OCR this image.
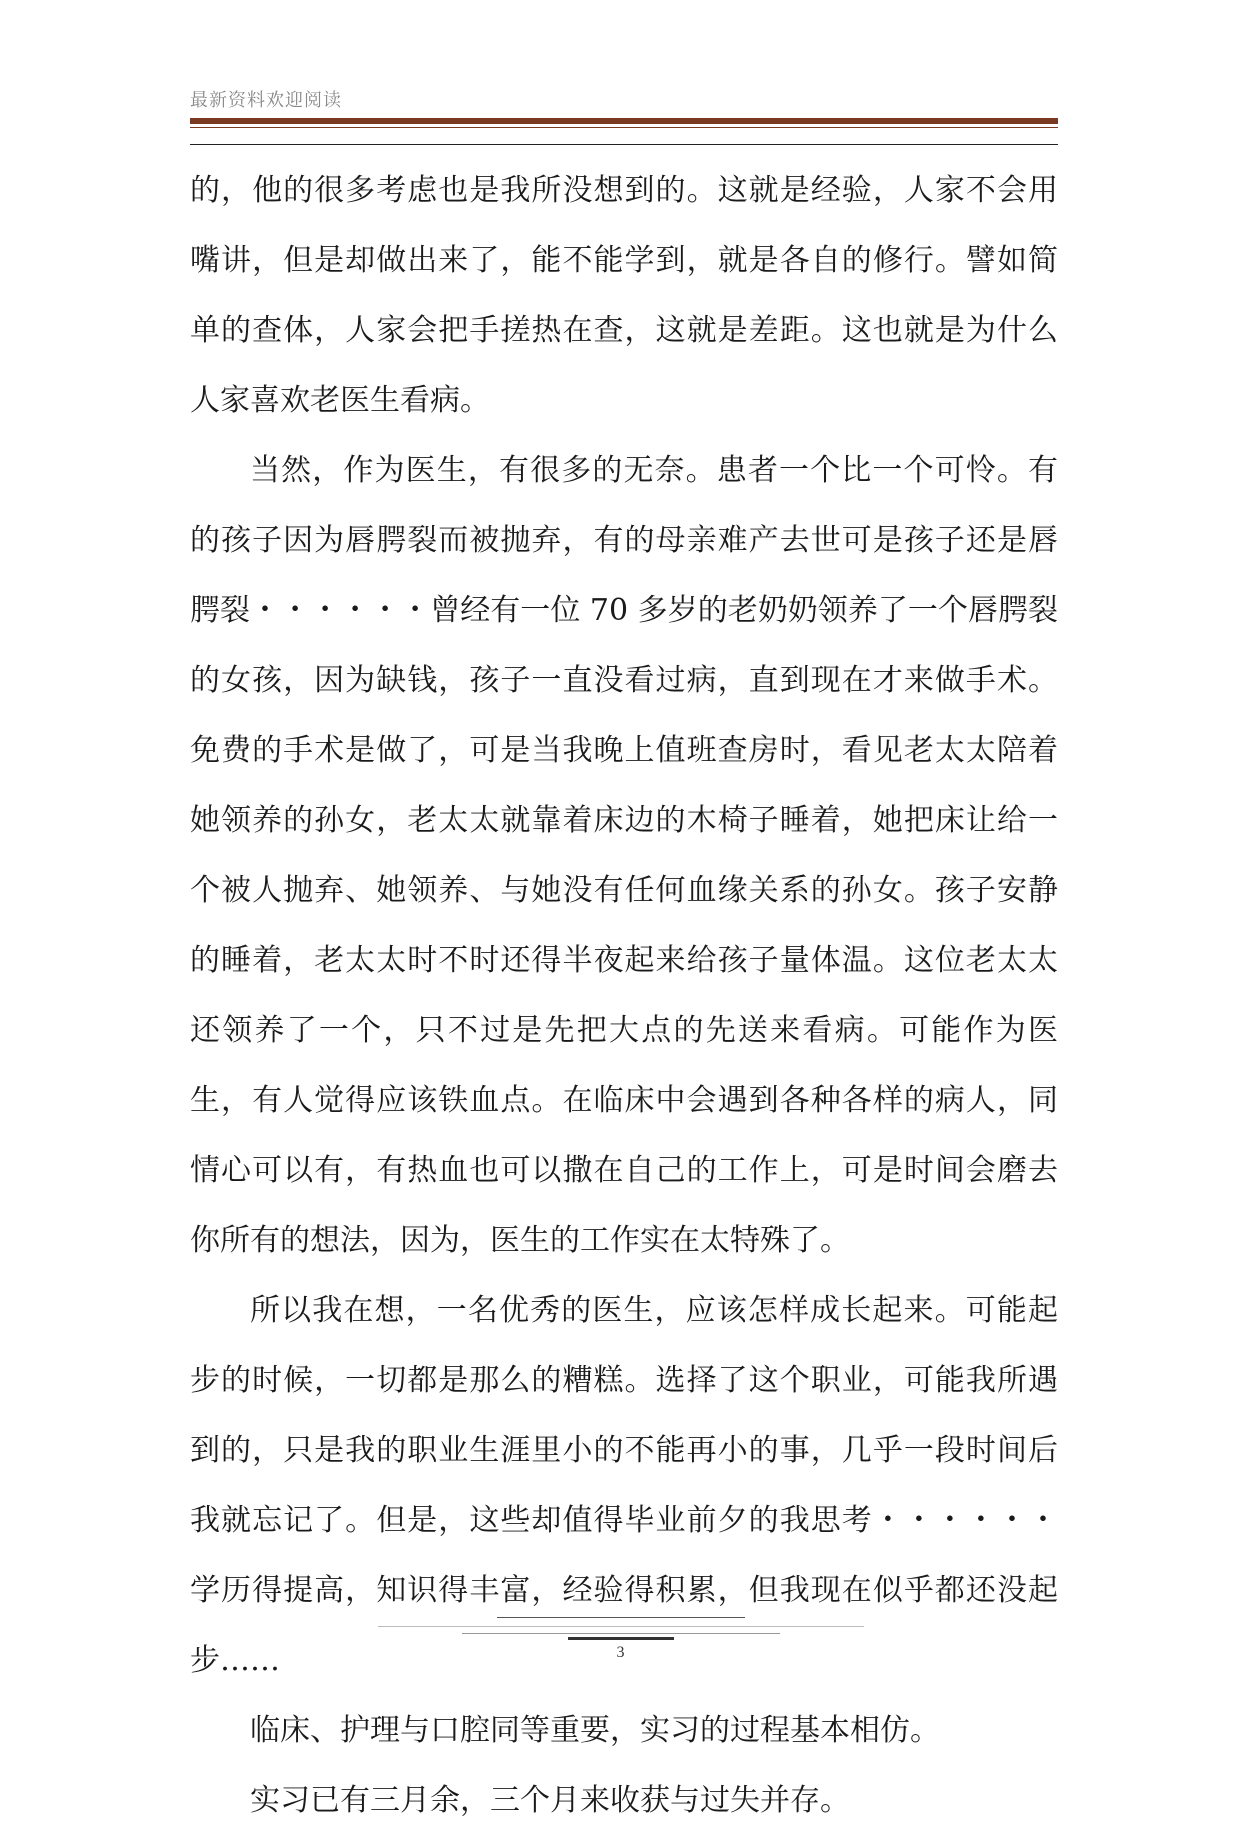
最新资料欢迎阅读

的，他的很多考虑也是我所没想到的。这就是经验，人家不会用嘴讲，但是却做出来了，能不能学到，就是各自的修行。譬如简单的查体，人家会把手搓热在查，这就是差距。这也就是为什么人家喜欢老医生看病。

当然，作为医生，有很多的无奈。患者一个比一个可怜。有的孩子因为唇腭裂而被抛弃，有的母亲难产去世可是孩子还是唇腭裂・・・・・・曾经有一位 70 多岁的老奶奶领养了一个唇腭裂的女孩，因为缺钱，孩子一直没看过病，直到现在才来做手术。免费的手术是做了，可是当我晚上值班查房时，看见老太太陪着她领养的孙女，老太太就靠着床边的木椅子睡着，她把床让给一个被人抛弃、她领养、与她没有任何血缘关系的孙女。孩子安静的睡着，老太太时不时还得半夜起来给孩子量体温。这位老太太还领养了一个，只不过是先把大点的先送来看病。可能作为医生，有人觉得应该铁血点。在临床中会遇到各种各样的病人，同情心可以有，有热血也可以撒在自己的工作上，可是时间会磨去你所有的想法，因为，医生的工作实在太特殊了。

所以我在想，一名优秀的医生，应该怎样成长起来。可能起步的时候，一切都是那么的糟糕。选择了这个职业，可能我所遇到的，只是我的职业生涯里小的不能再小的事，几乎一段时间后我就忘记了。但是，这些却值得毕业前夕的我思考・・・・・・学历得提高，知识得丰富，经验得积累，但我现在似乎都还没起步……

临床、护理与口腔同等重要，实习的过程基本相仿。

实习已有三月余，三个月来收获与过失并存。

3
